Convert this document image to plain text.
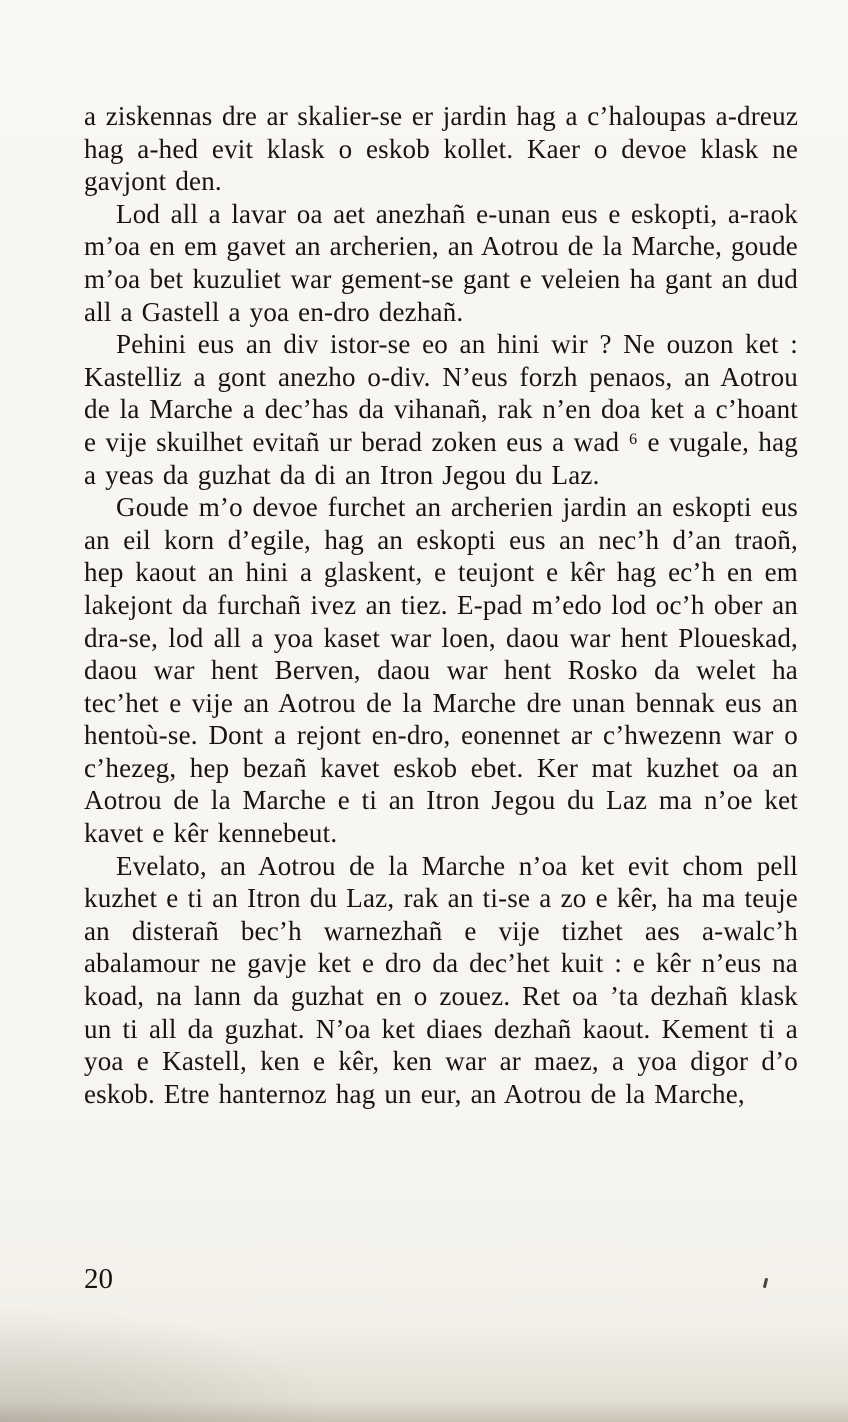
a ziskennas dre ar skalier-se er jardin hag a c’haloupas a-dreuz hag a-hed evit klask o eskob kollet. Kaer o devoe klask ne gavjont den.

Lod all a lavar oa aet anezhañ e-unan eus e eskopti, a-raok m’oa en em gavet an archerien, an Aotrou de la Marche, goude m’oa bet kuzuliet war gement-se gant e veleien ha gant an dud all a Gastell a yoa en-dro dezhañ.

Pehini eus an div istor-se eo an hini wir ? Ne ouzon ket : Kastelliz a gont anezho o-div. N’eus forzh penaos, an Aotrou de la Marche a dec’has da vihanañ, rak n’en doa ket a c’hoant e vije skuilhet evitañ ur berad zoken eus a wad ⁶ e vugale, hag a yeas da guzhat da di an Itron Jegou du Laz.

Goude m’o devoe furchet an archerien jardin an eskopti eus an eil korn d’egile, hag an eskopti eus an nec’h d’an traoñ, hep kaout an hini a glaskent, e teujont e kêr hag ec’h en em lakejont da furchañ ivez an tiez. E-pad m’edo lod oc’h ober an dra-se, lod all a yoa kaset war loen, daou war hent Ploueskad, daou war hent Berven, daou war hent Rosko da welet ha tec’het e vije an Aotrou de la Marche dre unan bennak eus an hentoù-se. Dont a rejont en-dro, eonennet ar c’hwezenn war o c’hezeg, hep bezañ kavet eskob ebet. Ker mat kuzhet oa an Aotrou de la Marche e ti an Itron Jegou du Laz ma n’oe ket kavet e kêr kennebeut.

Evelato, an Aotrou de la Marche n’oa ket evit chom pell kuzhet e ti an Itron du Laz, rak an ti-se a zo e kêr, ha ma teuje an disterañ bec’h warnezhañ e vije tizhet aes a-walc’h abalamour ne gavje ket e dro da dec’het kuit : e kêr n’eus na koad, na lann da guzhat en o zouez. Ret oa ’ta dezhañ klask un ti all da guzhat. N’oa ket diaes dezhañ kaout. Kement ti a yoa e Kastell, ken e kêr, ken war ar maez, a yoa digor d’o eskob. Etre hanternoz hag un eur, an Aotrou de la Marche,

20
